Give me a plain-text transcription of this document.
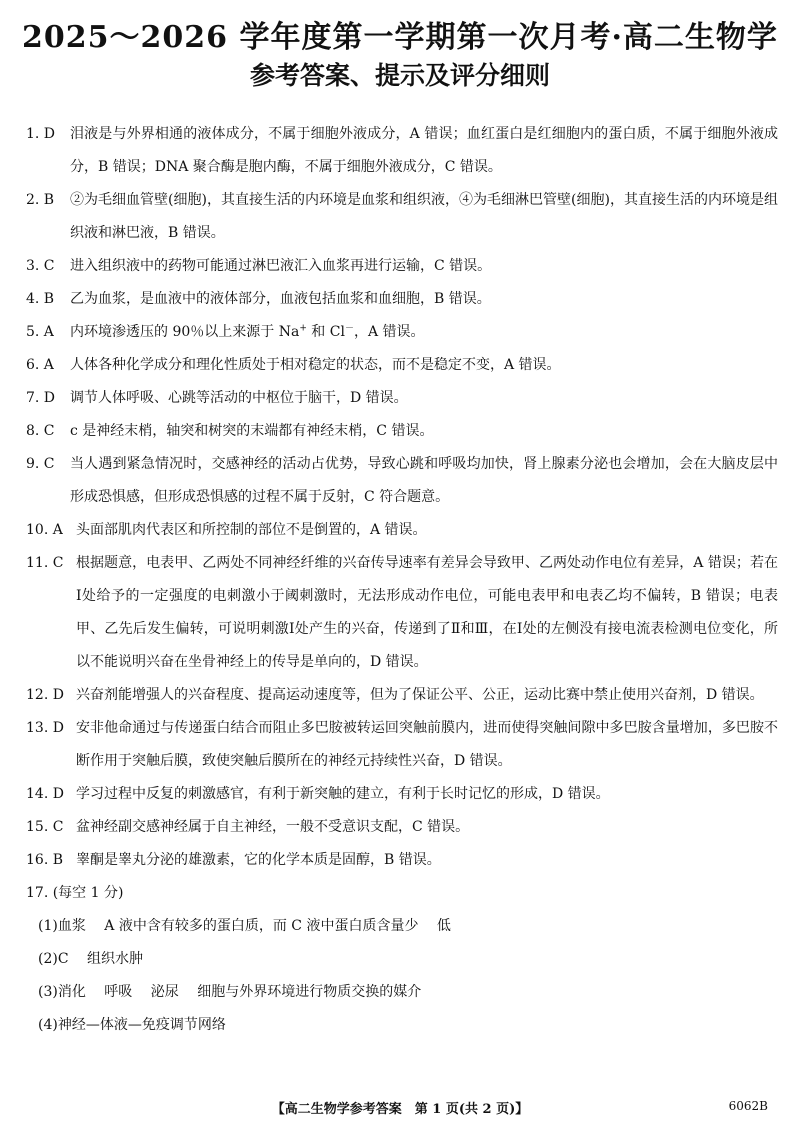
2025～2026 学年度第一学期第一次月考·高二生物学
参考答案、提示及评分细则
1. D	泪液是与外界相通的液体成分，不属于细胞外液成分，A 错误；血红蛋白是红细胞内的蛋白质，不属于细胞外液成分，B 错误；DNA 聚合酶是胞内酶，不属于细胞外液成分，C 错误。
2. B	②为毛细血管壁(细胞)，其直接生活的内环境是血浆和组织液，④为毛细淋巴管壁(细胞)，其直接生活的内环境是组织液和淋巴液，B 错误。
3. C	进入组织液中的药物可能通过淋巴液汇入血浆再进行运输，C 错误。
4. B	乙为血浆，是血液中的液体部分，血液包括血浆和血细胞，B 错误。
5. A	内环境渗透压的 90％以上来源于 Na+ 和 Cl－，A 错误。
6. A	人体各种化学成分和理化性质处于相对稳定的状态，而不是稳定不变，A 错误。
7. D	调节人体呼吸、心跳等活动的中枢位于脑干，D 错误。
8. C	c 是神经末梢，轴突和树突的末端都有神经末梢，C 错误。
9. C	当人遇到紧急情况时，交感神经的活动占优势，导致心跳和呼吸均加快，肾上腺素分泌也会增加，会在大脑皮层中形成恐惧感，但形成恐惧感的过程不属于反射，C 符合题意。
10. A 头面部肌肉代表区和所控制的部位不是倒置的，A 错误。
11. C 根据题意，电表甲、乙两处不同神经纤维的兴奋传导速率有差异会导致甲、乙两处动作电位有差异，A 错误；若在Ⅰ处给予的一定强度的电刺激小于阈刺激时，无法形成动作电位，可能电表甲和电表乙均不偏转，B 错误；电表甲、乙先后发生偏转，可说明刺激Ⅰ处产生的兴奋，传递到了Ⅱ和Ⅲ，在Ⅰ处的左侧没有接电流表检测电位变化，所以不能说明兴奋在坐骨神经上的传导是单向的，D 错误。
12. D 兴奋剂能增强人的兴奋程度、提高运动速度等，但为了保证公平、公正，运动比赛中禁止使用兴奋剂，D 错误。
13. D 安非他命通过与传递蛋白结合而阻止多巴胺被转运回突触前膜内，进而使得突触间隙中多巴胺含量增加，多巴胺不断作用于突触后膜，致使突触后膜所在的神经元持续性兴奋，D 错误。
14. D 学习过程中反复的刺激感官，有利于新突触的建立，有利于长时记忆的形成，D 错误。
15. C 盆神经副交感神经属于自主神经，一般不受意识支配，C 错误。
16. B 睾酮是睾丸分泌的雄激素，它的化学本质是固醇，B 错误。
17. (每空 1 分)
(1)血浆 A 液中含有较多的蛋白质，而 C 液中蛋白质含量少 低
(2)C 组织水肿
(3)消化 呼吸 泌尿 细胞与外界环境进行物质交换的媒介
(4)神经—体液—免疫调节网络
【高二生物学参考答案　第 1 页(共 2 页)】	6062B
